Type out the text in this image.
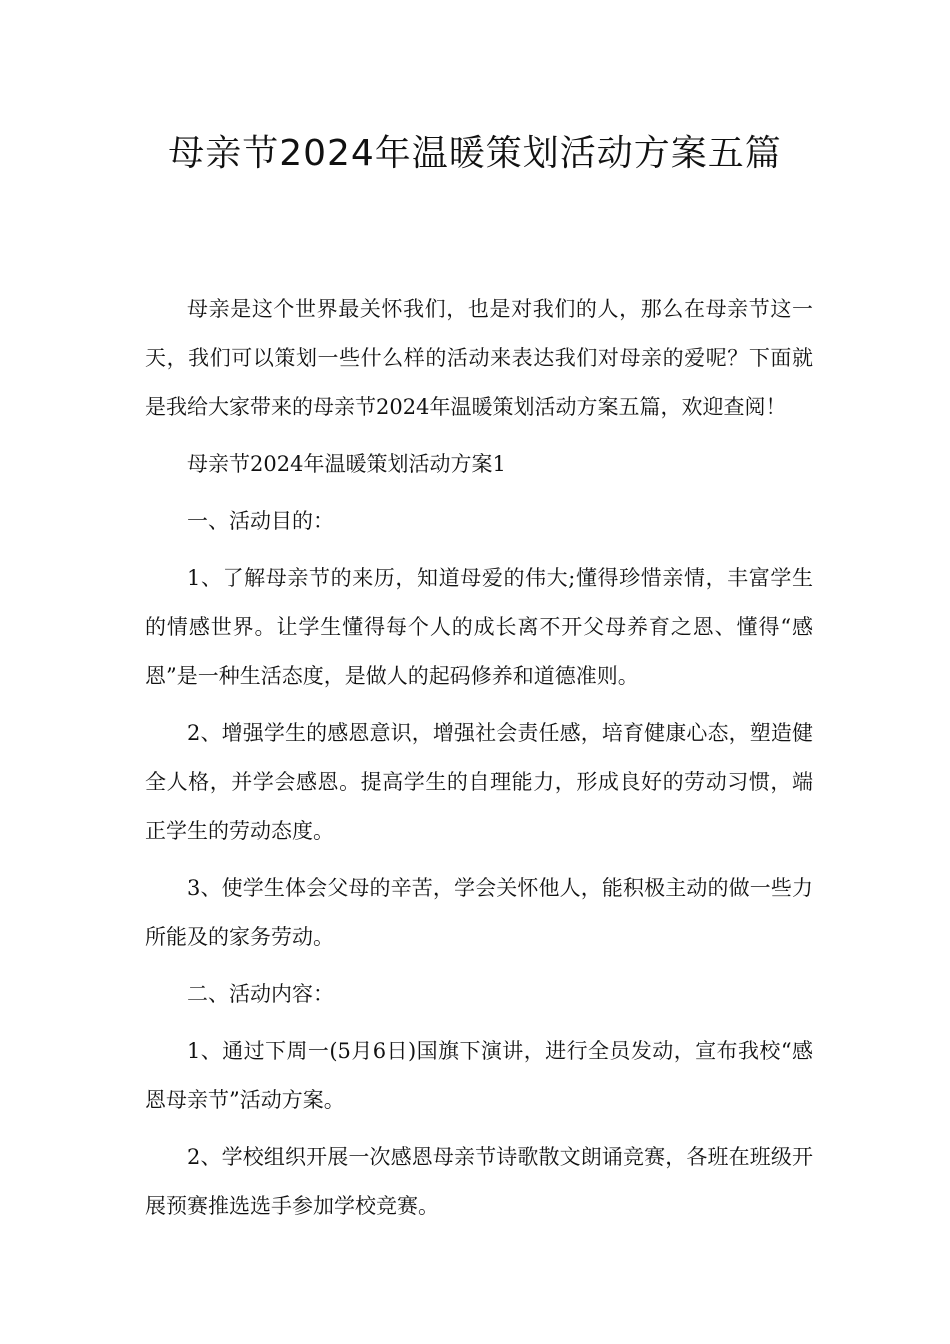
母亲节2024年温暖策划活动方案五篇

母亲是这个世界最关怀我们，也是对我们的人，那么在母亲节这一天，我们可以策划一些什么样的活动来表达我们对母亲的爱呢？下面就是我给大家带来的母亲节2024年温暖策划活动方案五篇，欢迎查阅！

母亲节2024年温暖策划活动方案1

一、活动目的：

1、了解母亲节的来历，知道母爱的伟大;懂得珍惜亲情，丰富学生的情感世界。让学生懂得每个人的成长离不开父母养育之恩、懂得“感恩”是一种生活态度，是做人的起码修养和道德准则。

2、增强学生的感恩意识，增强社会责任感，培育健康心态，塑造健全人格，并学会感恩。提高学生的自理能力，形成良好的劳动习惯，端正学生的劳动态度。

3、使学生体会父母的辛苦，学会关怀他人，能积极主动的做一些力所能及的家务劳动。

二、活动内容：

1、通过下周一(5月6日)国旗下演讲，进行全员发动，宣布我校“感恩母亲节”活动方案。

2、学校组织开展一次感恩母亲节诗歌散文朗诵竞赛，各班在班级开展预赛推选选手参加学校竞赛。
